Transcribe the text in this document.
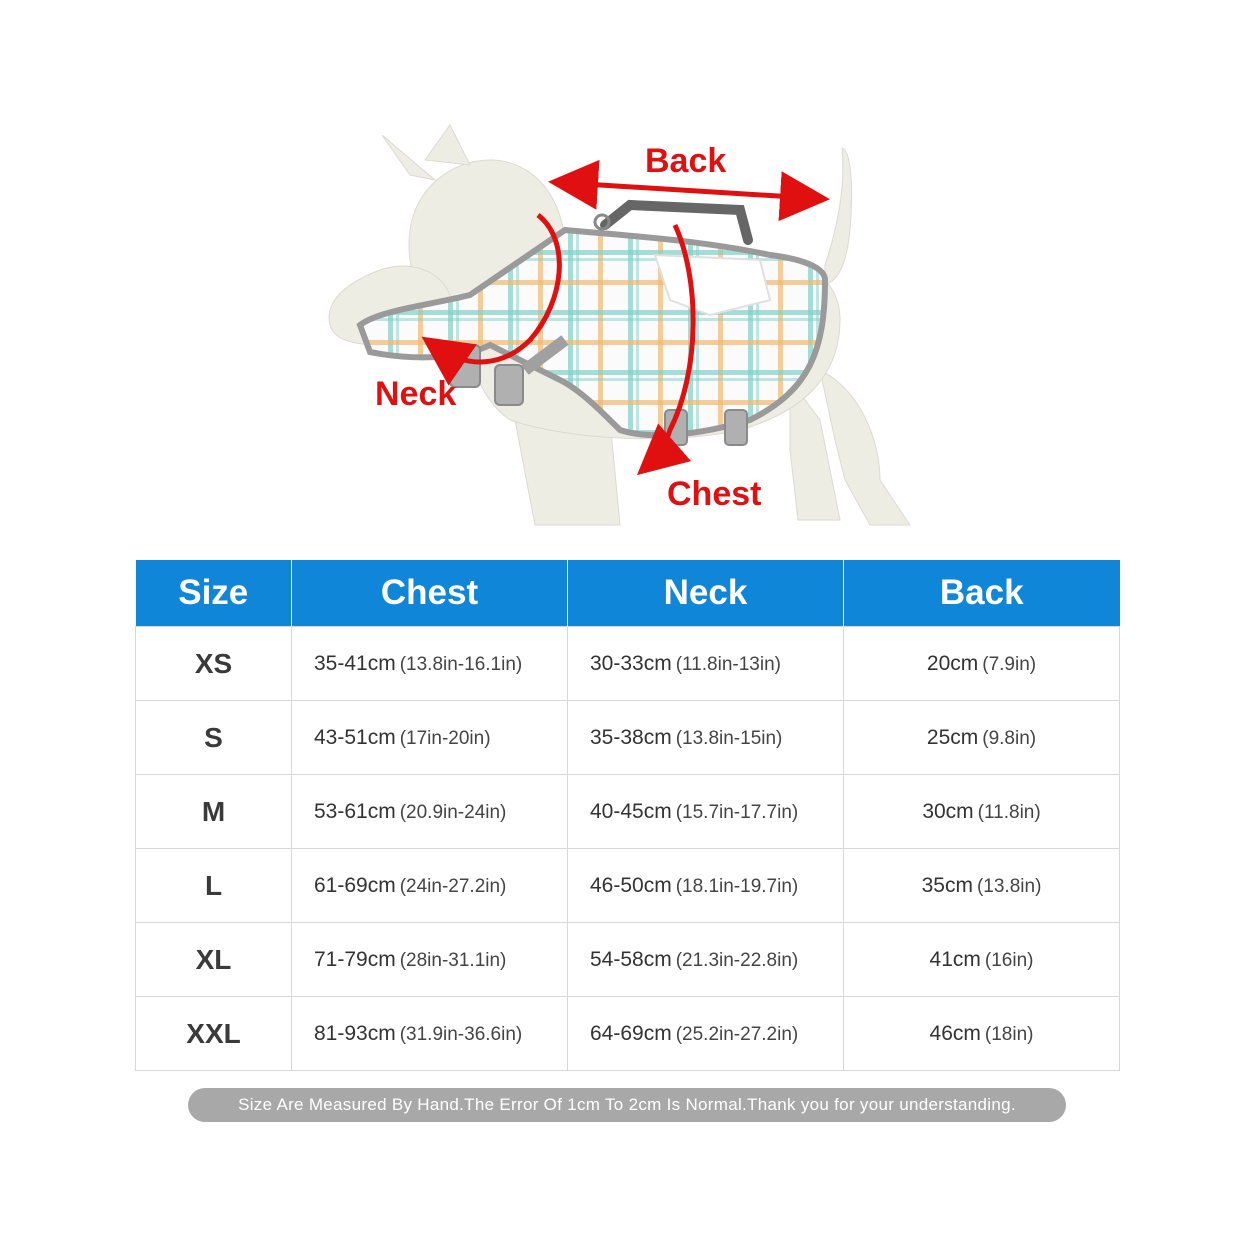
Back
Neck
Chest
Size	Chest	Neck	Back
XS	35-41cm (13.8in-16.1in)	30-33cm (11.8in-13in)	20cm (7.9in)
S	43-51cm (17in-20in)	35-38cm (13.8in-15in)	25cm (9.8in)
M	53-61cm (20.9in-24in)	40-45cm (15.7in-17.7in)	30cm (11.8in)
L	61-69cm (24in-27.2in)	46-50cm (18.1in-19.7in)	35cm (13.8in)
XL	71-79cm (28in-31.1in)	54-58cm (21.3in-22.8in)	41cm (16in)
XXL	81-93cm (31.9in-36.6in)	64-69cm (25.2in-27.2in)	46cm (18in)
Size Are Measured By Hand.The Error Of 1cm To 2cm Is Normal.Thank you for your understanding.
